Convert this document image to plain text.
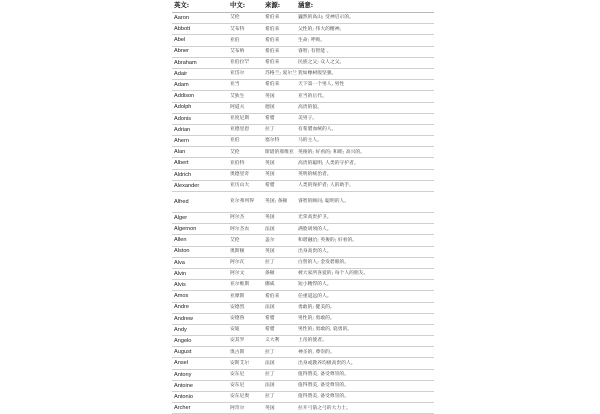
英文:	中文:	来源:	涵意:
Aaron	艾伦	希伯来	巍然的高山; 受神启示的。
Abbott	艾布特	希伯来	父性的; 伟大的精神。
Abel	亚伯	希伯来	生命; 呼吸。
Abner	艾布纳	希伯来	睿智; 有智能 。
Abraham	亚伯拉罕	希伯来	民族之父; 众人之父。
Adair	亚岱尔	苏格兰; 爱尔兰	犹如橡树般坚强。
Adam	亚当	希伯来	天下第一个男人, 男性
Addison	艾狄生	英国	亚当的后代。
Adolph	阿道夫	德国	高贵的狼。
Adonis	亚度尼斯	希腊	美男子。
Adrian	亚德里恩	拉丁	有希腊血统的人。
Ahern	亚伯	塞尔特	马的主人。
Alan	艾伦	斯堪的那维亚	英俊的; 好看的; 和睦; 高兴的。
Albert	亚伯特	英国	高贵的聪明; 人类的守护者。
Aldrich	奥德里奇	英国	英明的统治者。
Alexander	亚历山大	希腊	人类的保护者; 人的助手。
Alfred	亚尔弗列得	英国; 条顿	睿智的顾问; 聪明的人。
Alger	阿尔杰	英国	光荣高贵护卫。
Algernon	阿尔杰农	法国	满脸胡须的人。
Allen	艾伦	盖尔	和谐融洽; 英俊的; 好看的。
Alston	奥斯顿	英国	出身高贵的人。
Alva	阿尔瓦	拉丁	白皙的人; 金发碧眼的。
Alvin	阿尔文	条顿	被大家所喜爱的; 每个人的朋友。
Alvis	亚尔维斯	挪威	短小精悍的人。
Amos	亚摩斯	希伯来	任重道远的人。
Andre	安德烈	法国	勇敢的; 健美的。
Andrew	安德鲁	希腊	男性的; 勇敢的。
Andy	安迪	希腊	男性的; 勇敢的, 骁勇的。
Angelo	安其罗	义大利	上帝的使者。
August	奥古斯	拉丁	神圣的, 尊崇的。
Ansel	安斯艾尔	法国	出身或教养均极高贵的人。
Antony	安东尼	拉丁	值得赞美, 备受尊崇的。
Antoine	安东尼	法国	值得赞美, 备受尊崇的。
Antonio	安东尼奥	拉丁	值得赞美, 备受尊崇的。
Archer	阿奇尔	英国	拉开弓箭之弓的大力士。
